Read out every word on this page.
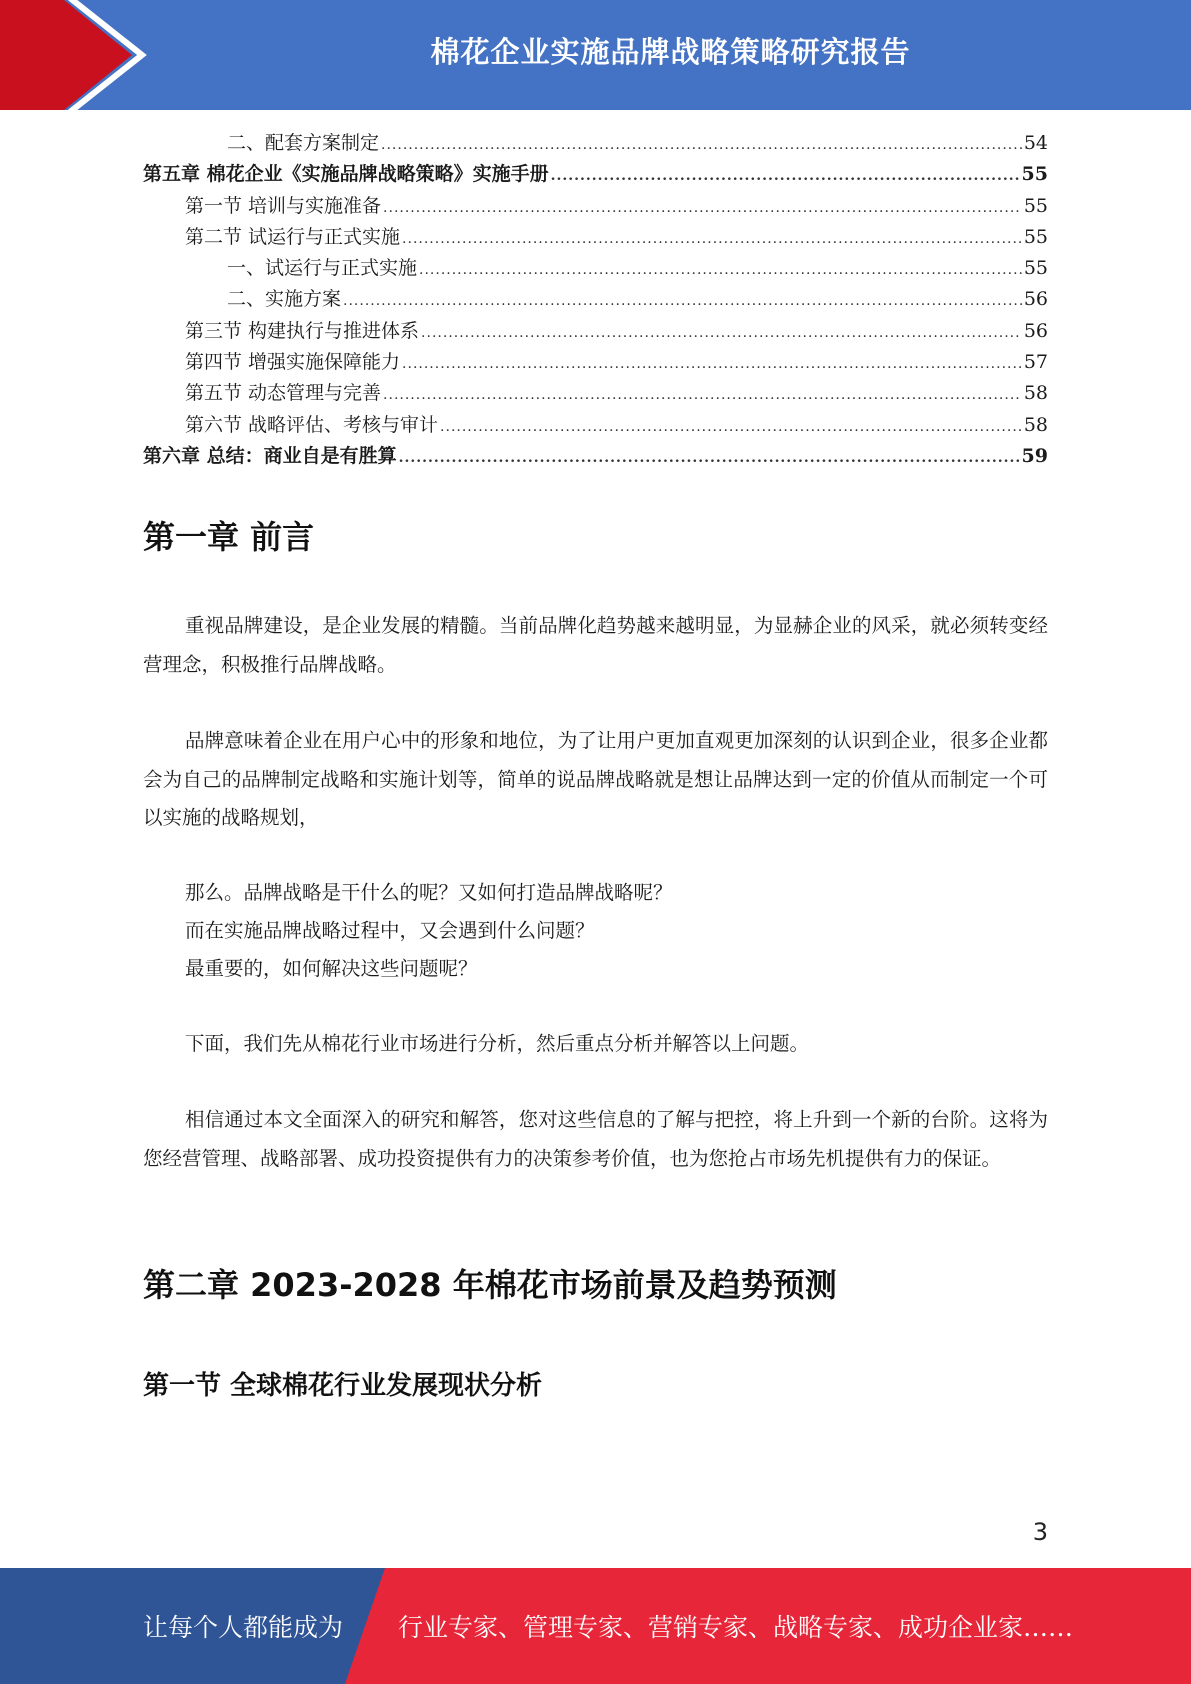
棉花企业实施品牌战略策略研究报告
二、配套方案制定 .....	54
第五章 棉花企业《实施品牌战略策略》实施手册 .....	55
第一节 培训与实施准备 .....	55
第二节 试运行与正式实施 .....	55
一、试运行与正式实施 .....	55
二、实施方案 .....	56
第三节 构建执行与推进体系 .....	56
第四节 增强实施保障能力 .....	57
第五节 动态管理与完善 .....	58
第六节 战略评估、考核与审计 .....	58
第六章 总结：商业自是有胜算 .....	59
第一章 前言

重视品牌建设，是企业发展的精髓。当前品牌化趋势越来越明显，为显赫企业的风采，就必须转变经营理念，积极推行品牌战略。

品牌意味着企业在用户心中的形象和地位，为了让用户更加直观更加深刻的认识到企业，很多企业都会为自己的品牌制定战略和实施计划等，简单的说品牌战略就是想让品牌达到一定的价值从而制定一个可以实施的战略规划，

那么。品牌战略是干什么的呢？又如何打造品牌战略呢？

而在实施品牌战略过程中，又会遇到什么问题？

最重要的，如何解决这些问题呢？

下面，我们先从棉花行业市场进行分析，然后重点分析并解答以上问题。

相信通过本文全面深入的研究和解答，您对这些信息的了解与把控，将上升到一个新的台阶。这将为您经营管理、战略部署、成功投资提供有力的决策参考价值，也为您抢占市场先机提供有力的保证。

第二章 2023-2028 年棉花市场前景及趋势预测
第一节 全球棉花行业发展现状分析
3
让每个人都能成为 行业专家、管理专家、营销专家、战略专家、成功企业家……
